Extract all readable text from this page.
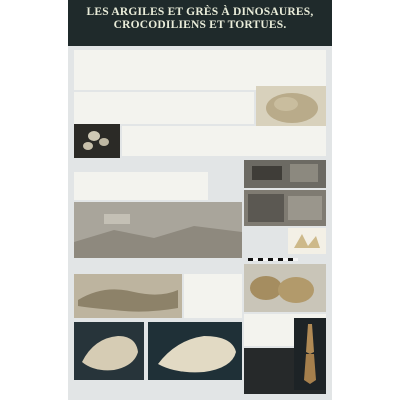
LES ARGILES ET GRÈS À DINOSAURES,
CROCODILIENS ET TORTUES.
